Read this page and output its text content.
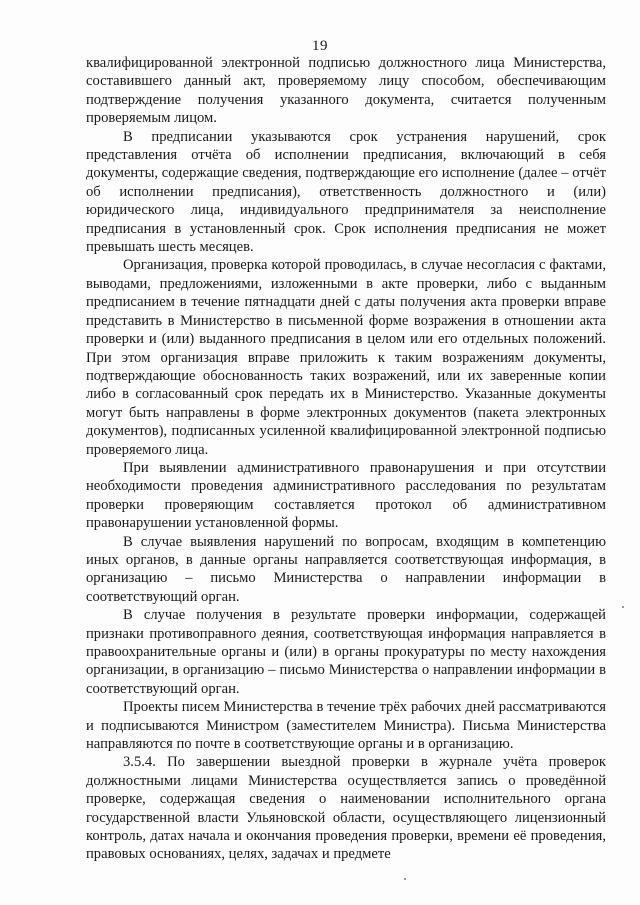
19

квалифицированной электронной подписью должностного лица Министерства, составившего данный акт, проверяемому лицу способом, обеспечивающим подтверждение получения указанного документа, считается полученным проверяемым лицом.

В предписании указываются срок устранения нарушений, срок представления отчёта об исполнении предписания, включающий в себя документы, содержащие сведения, подтверждающие его исполнение (далее – отчёт об исполнении предписания), ответственность должностного и (или) юридического лица, индивидуального предпринимателя за неисполнение предписания в установленный срок. Срок исполнения предписания не может превышать шесть месяцев.

Организация, проверка которой проводилась, в случае несогласия с фактами, выводами, предложениями, изложенными в акте проверки, либо с выданным предписанием в течение пятнадцати дней с даты получения акта проверки вправе представить в Министерство в письменной форме возражения в отношении акта проверки и (или) выданного предписания в целом или его отдельных положений. При этом организация вправе приложить к таким возражениям документы, подтверждающие обоснованность таких возражений, или их заверенные копии либо в согласованный срок передать их в Министерство. Указанные документы могут быть направлены в форме электронных документов (пакета электронных документов), подписанных усиленной квалифицированной электронной подписью проверяемого лица.

При выявлении административного правонарушения и при отсутствии необходимости проведения административного расследования по результатам проверки проверяющим составляется протокол об административном правонарушении установленной формы.

В случае выявления нарушений по вопросам, входящим в компетенцию иных органов, в данные органы направляется соответствующая информация, в организацию – письмо Министерства о направлении информации в соответствующий орган.

В случае получения в результате проверки информации, содержащей признаки противоправного деяния, соответствующая информация направляется в правоохранительные органы и (или) в органы прокуратуры по месту нахождения организации, в организацию – письмо Министерства о направлении информации в соответствующий орган.

Проекты писем Министерства в течение трёх рабочих дней рассматриваются и подписываются Министром (заместителем Министра). Письма Министерства направляются по почте в соответствующие органы и в организацию.

3.5.4. По завершении выездной проверки в журнале учёта проверок должностными лицами Министерства осуществляется запись о проведённой проверке, содержащая сведения о наименовании исполнительного органа государственной власти Ульяновской области, осуществляющего лицензионный контроль, датах начала и окончания проведения проверки, времени её проведения, правовых основаниях, целях, задачах и предмете
